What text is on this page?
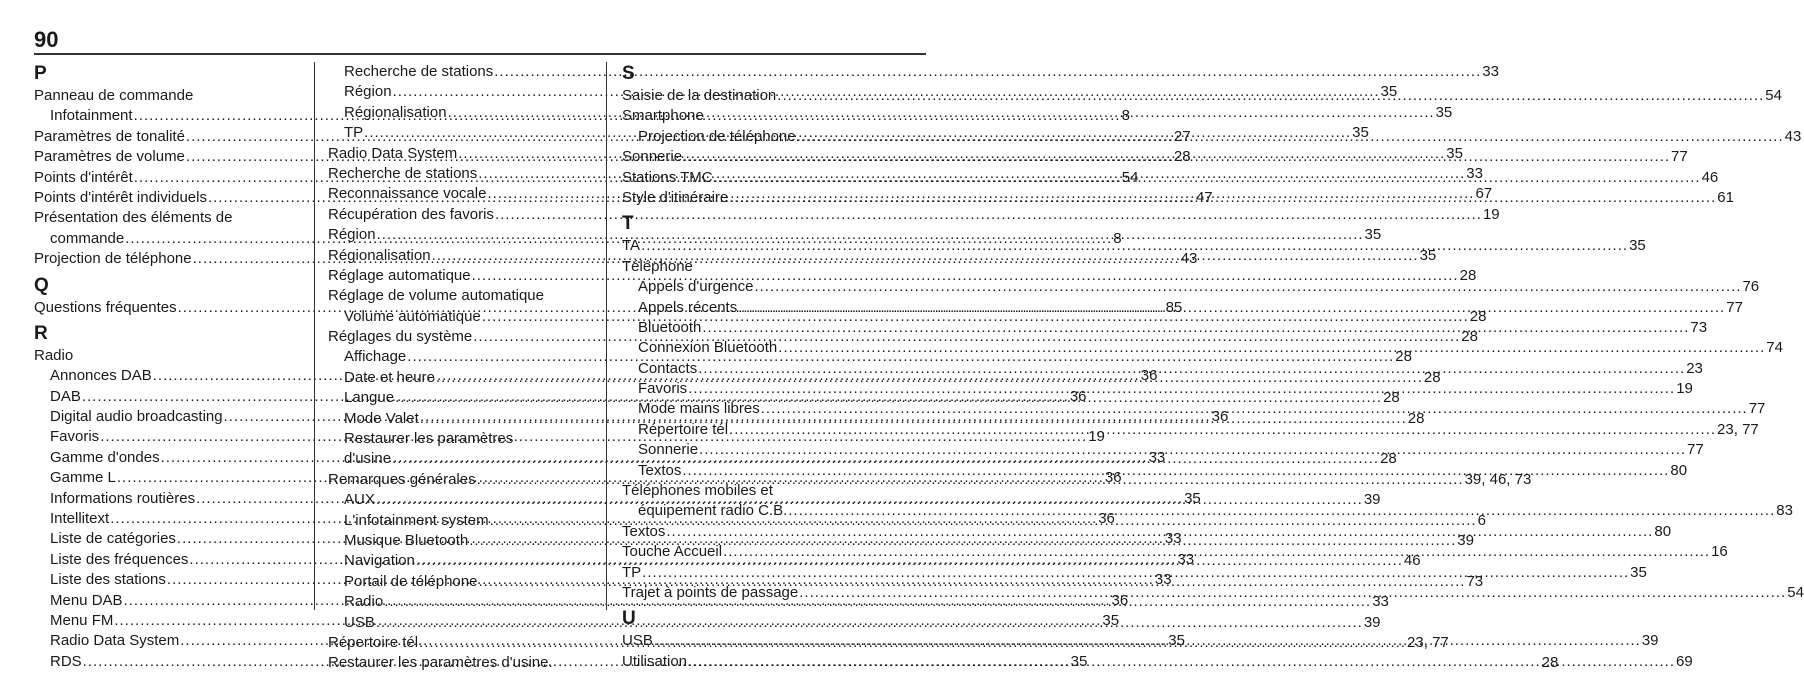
90
P
Panneau de commande
Infotainment .....	8
Paramètres de tonalité .....	27
Paramètres de volume .....	28
Points d'intérêt .....	54
Points d'intérêt individuels .....	47
Présentation des éléments de
commande .....	8
Projection de téléphone .....	43
Q
Questions fréquentes .....	85
R
Radio
Annonces DAB .....	36
DAB .....	36
Digital audio broadcasting .....	36
Favoris .....	19
Gamme d'ondes .....	33
Gamme L .....	36
Informations routières .....	35
Intellitext .....	36
Liste de catégories .....	33
Liste des fréquences .....	33
Liste des stations .....	33
Menu DAB .....	36
Menu FM .....	35
Radio Data System .....	35
RDS .....	35
Recherche de stations .....	33
Région .....	35
Régionalisation .....	35
TP .....	35
Radio Data System .....	35
Recherche de stations .....	33
Reconnaissance vocale .....	67
Récupération des favoris .....	19
Région .....	35
Régionalisation .....	35
Réglage automatique .....	28
Réglage de volume automatique
Volume automatique .....	28
Réglages du système .....	28
Affichage .....	28
Date et heure .....	28
Langue .....	28
Mode Valet .....	28
Restaurer les paramètres
d'usine .....	28
Remarques générales .....	39, 46, 73
AUX .....	39
L'infotainment system .....	6
Musique Bluetooth .....	39
Navigation .....	46
Portail de téléphone .....	73
Radio .....	33
USB .....	39
Répertoire tél .....	23, 77
Restaurer les paramètres d'usine.	28
S
Saisie de la destination .....	54
Smartphone
Projection de téléphone .....	43
Sonnerie .....	77
Stations TMC .....	46
Style d'itinéraire .....	61
T
TA .....	35
Téléphone
Appels d'urgence .....	76
Appels récents .....	77
Bluetooth .....	73
Connexion Bluetooth .....	74
Contacts .....	23
Favoris .....	19
Mode mains libres .....	77
Répertoire tél .....	23, 77
Sonnerie .....	77
Textos .....	80
Téléphones mobiles et
équipement radio C.B. .....	83
Textos .....	80
Touche Accueil .....	16
TP .....	35
Trajet à points de passage .....	54
U
USB .....	39
Utilisation .....	69
